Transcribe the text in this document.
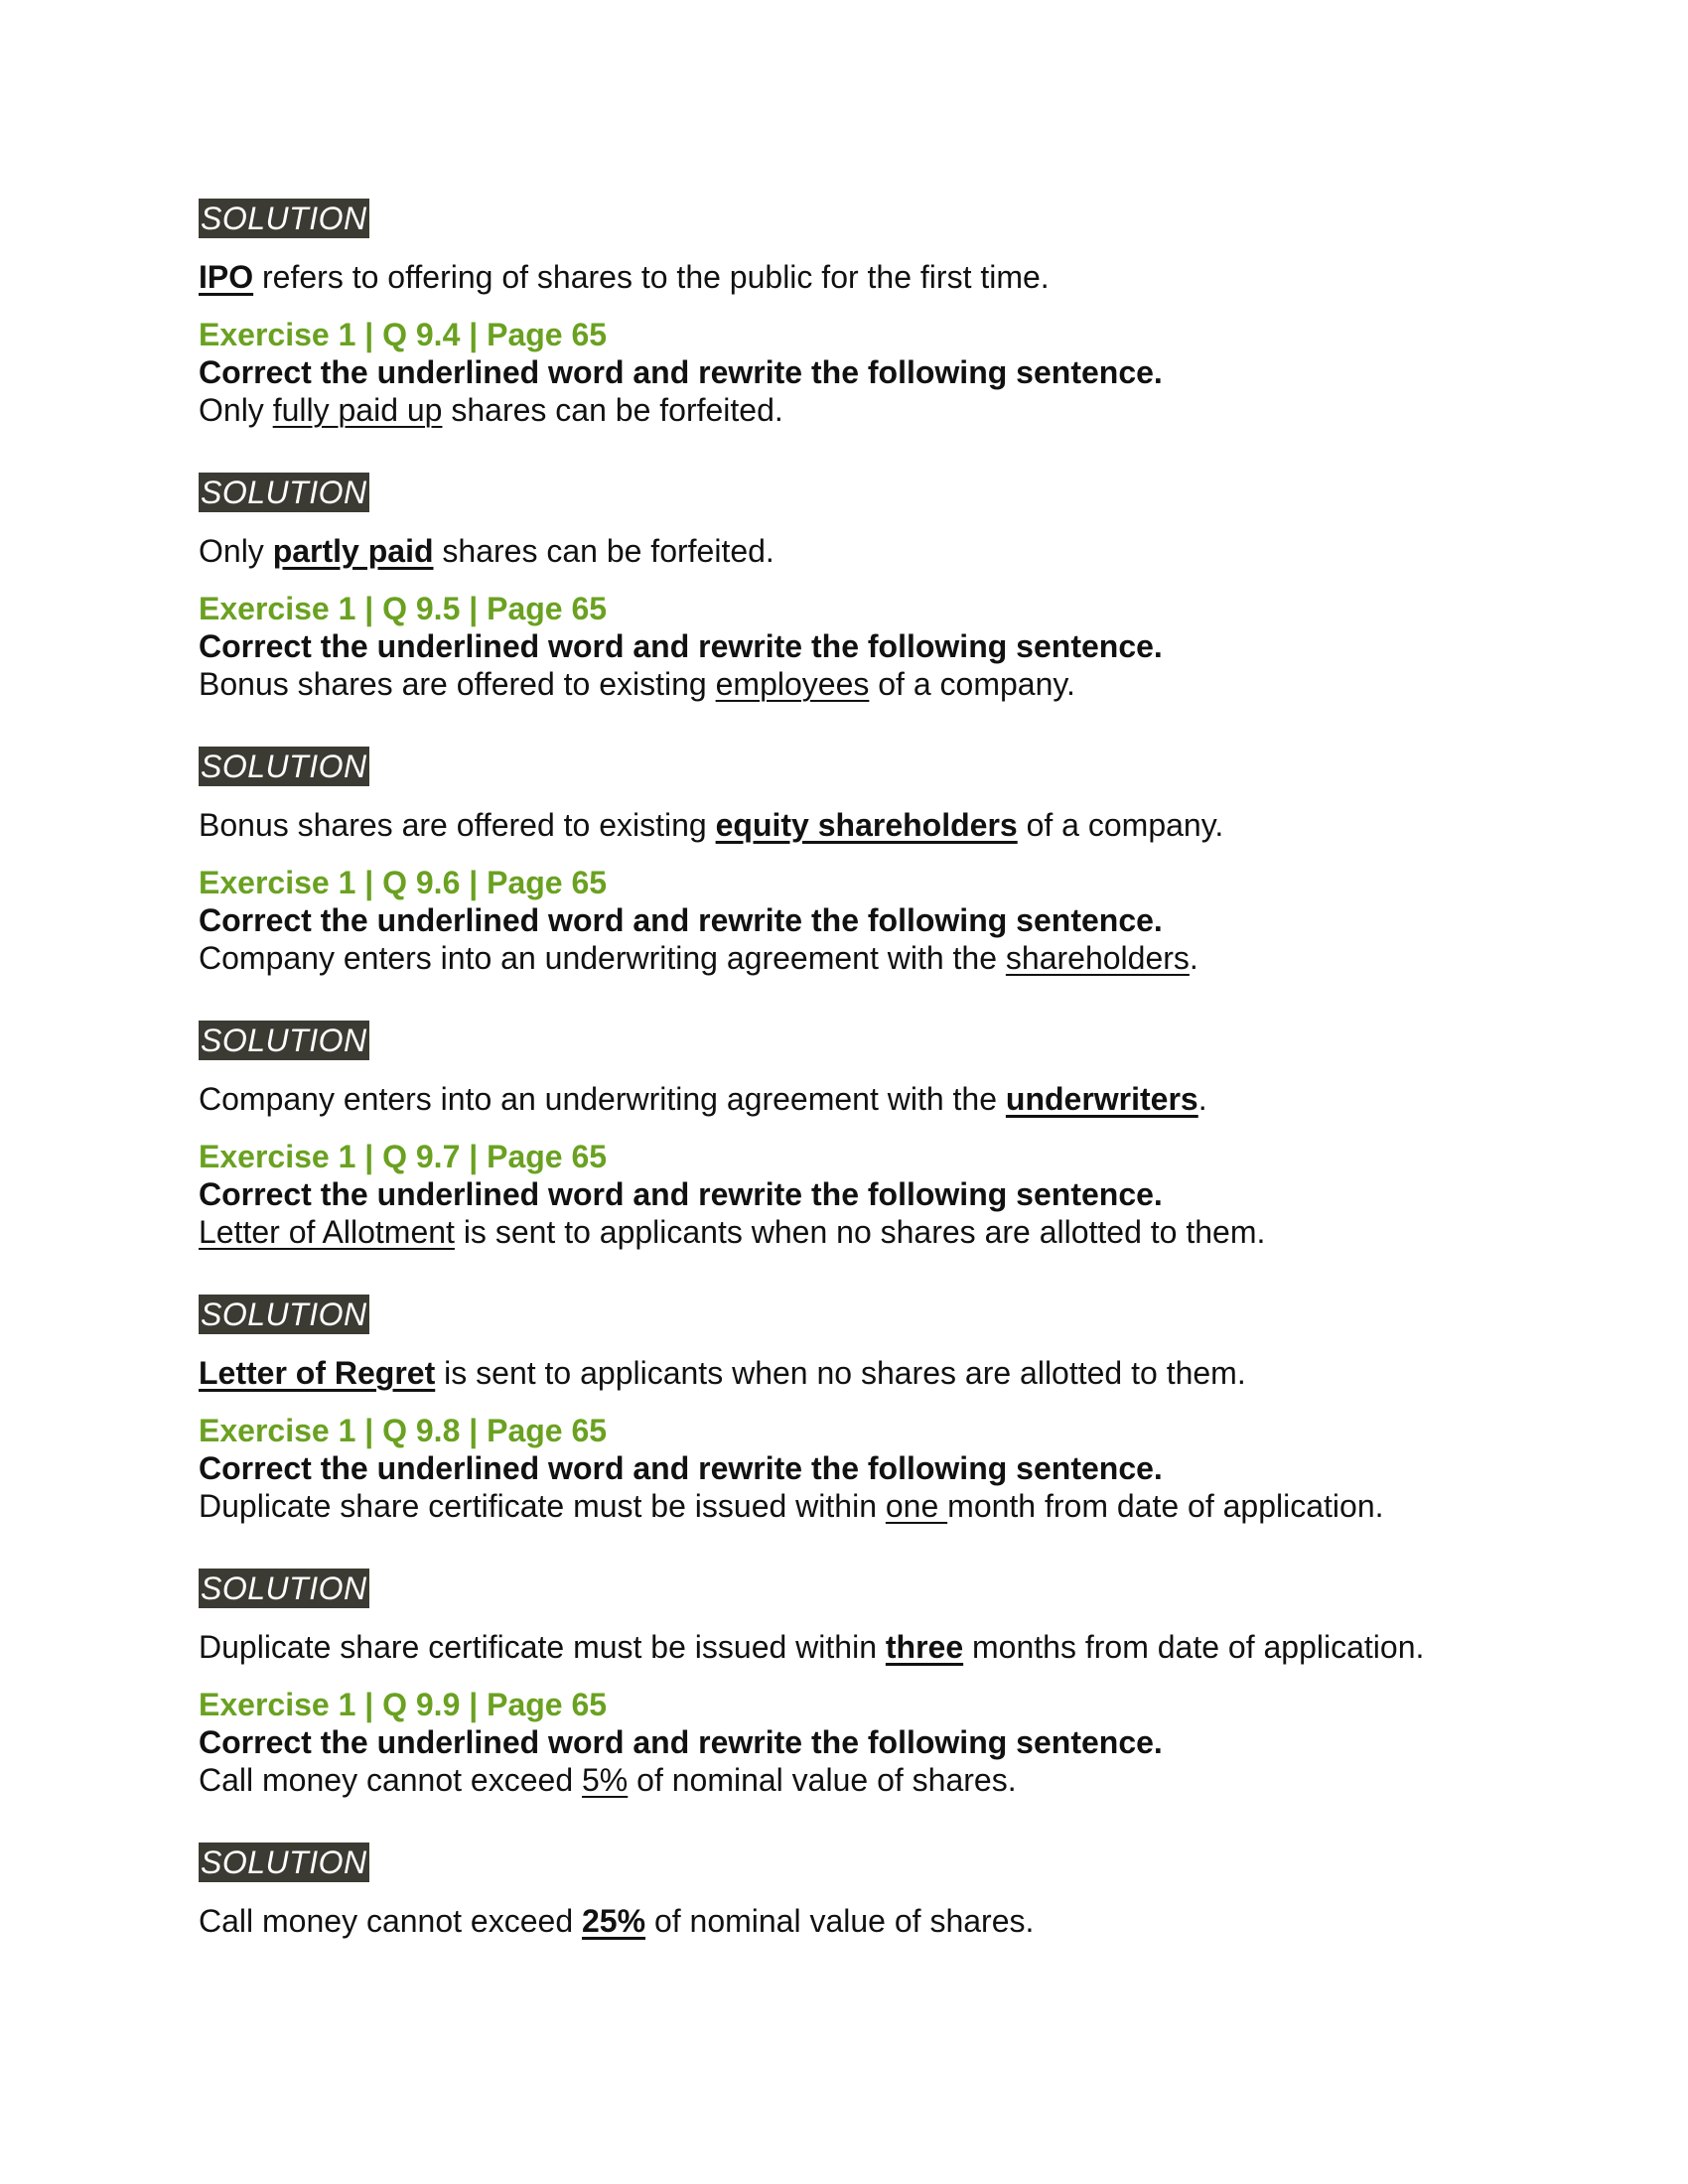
SOLUTION
IPO refers to offering of shares to the public for the first time.
Exercise 1 | Q 9.4 | Page 65
Correct the underlined word and rewrite the following sentence.
Only fully paid up shares can be forfeited.
SOLUTION
Only partly paid shares can be forfeited.
Exercise 1 | Q 9.5 | Page 65
Correct the underlined word and rewrite the following sentence.
Bonus shares are offered to existing employees of a company.
SOLUTION
Bonus shares are offered to existing equity shareholders of a company.
Exercise 1 | Q 9.6 | Page 65
Correct the underlined word and rewrite the following sentence.
Company enters into an underwriting agreement with the shareholders.
SOLUTION
Company enters into an underwriting agreement with the underwriters.
Exercise 1 | Q 9.7 | Page 65
Correct the underlined word and rewrite the following sentence.
Letter of Allotment is sent to applicants when no shares are allotted to them.
SOLUTION
Letter of Regret is sent to applicants when no shares are allotted to them.
Exercise 1 | Q 9.8 | Page 65
Correct the underlined word and rewrite the following sentence.
Duplicate share certificate must be issued within one month from date of application.
SOLUTION
Duplicate share certificate must be issued within three months from date of application.
Exercise 1 | Q 9.9 | Page 65
Correct the underlined word and rewrite the following sentence.
Call money cannot exceed 5% of nominal value of shares.
SOLUTION
Call money cannot exceed 25% of nominal value of shares.
